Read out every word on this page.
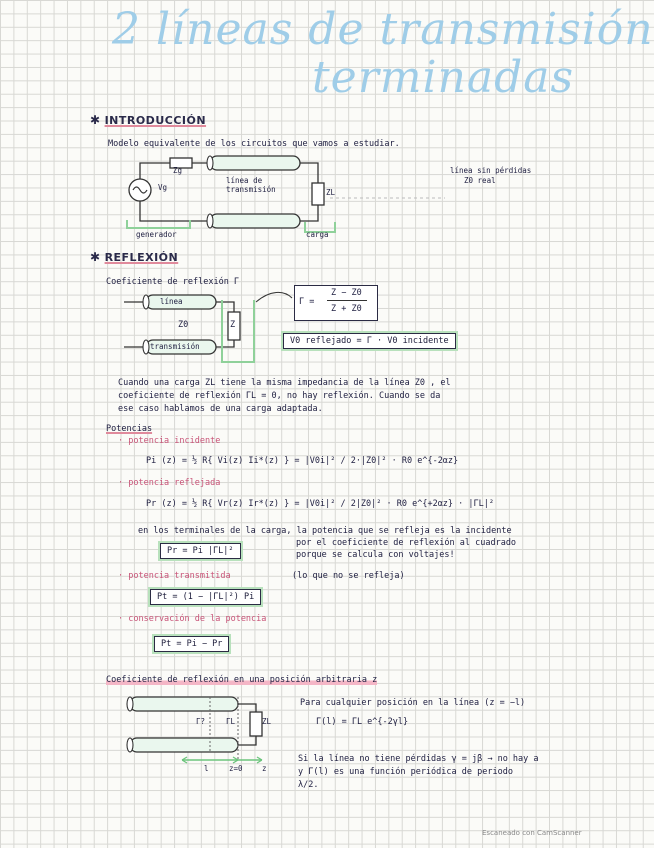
2 líneas de transmisión
terminadas
✱ INTRODUCCIÓN
Modelo equivalente de los circuitos que vamos a estudiar.
Zg
Vg
línea de transmisión	ZL
generador	carga
línea sin pérdidas
Z0 real
✱ REFLEXIÓN
Coeficiente de reflexión Γ
línea
Z0	Z
transmisión
Γ =
Z − Z0
Z + Z0
V0 reflejado = Γ · V0 incidente
Cuando una carga ZL tiene la misma impedancia de la línea Z0 , el
coeficiente de reflexión ΓL = 0, no hay reflexión. Cuando se da
ese caso hablamos de una carga adaptada.
Potencias
· potencia incidente
Pi (z) = ½ R{ Vi(z) Ii*(z) } = |V0i|² / 2·|Z0|² · R0 e^{-2αz}
· potencia reflejada
Pr (z) = ½ R{ Vr(z) Ir*(z) } = |V0i|² / 2|Z0|² · R0 e^{+2αz} · |ΓL|²
en los terminales de la carga, la potencia que se refleja es la incidente
por el coeficiente de reflexión al cuadrado
porque se calcula con voltajes!
Pr = Pi |ΓL|²
· potencia transmitida	(lo que no se refleja)
Pt = (1 − |ΓL|²) Pi
· conservación de la potencia
Pt = Pi − Pr
Coeficiente de reflexión en una posición arbitraria z
Γ?	ΓL	ZL
l	z=0	z
Para cualquier posición en la línea (z = −l)
Γ(l) = ΓL e^{-2γl}
Si la línea no tiene pérdidas γ = jβ → no hay a
y Γ(l) es una función periódica de periodo
λ/2.
Escaneado con CamScanner
